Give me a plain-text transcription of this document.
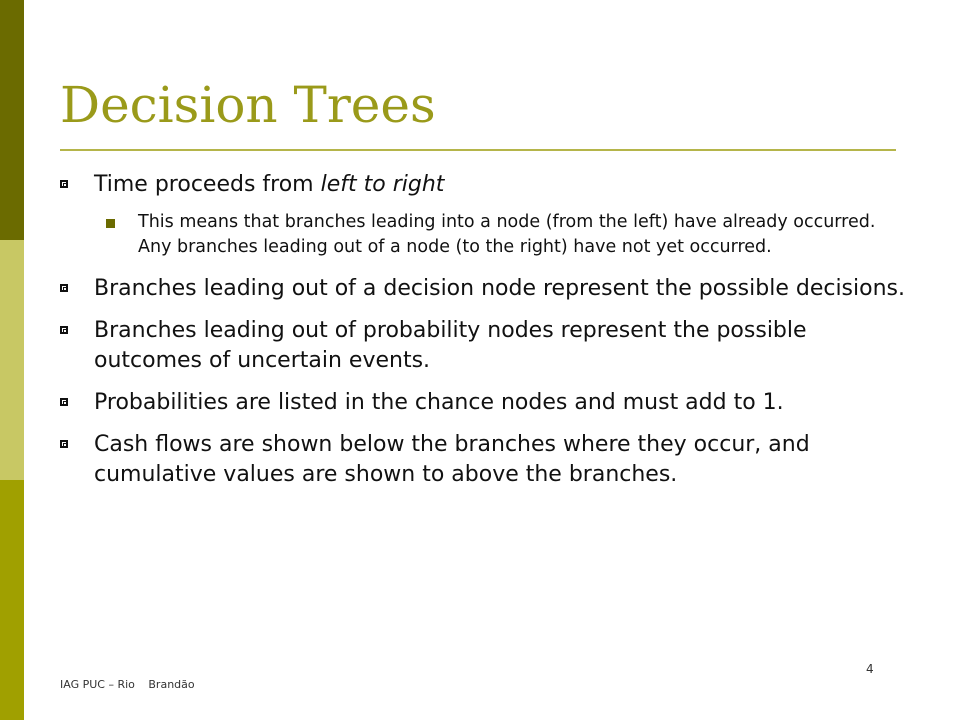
Decision Trees
Time proceeds from left to right
This means that branches leading into a node (from the left) have already occurred. Any branches leading out of a node (to the right) have not yet occurred.
Branches leading out of a decision node represent the possible decisions.
Branches leading out of probability nodes represent the possible outcomes of uncertain events.
Probabilities are listed in the chance nodes and must add to 1.
Cash flows are shown below the branches where they occur, and cumulative values are shown to above the branches.
IAG PUC – Rio Brandão
4
